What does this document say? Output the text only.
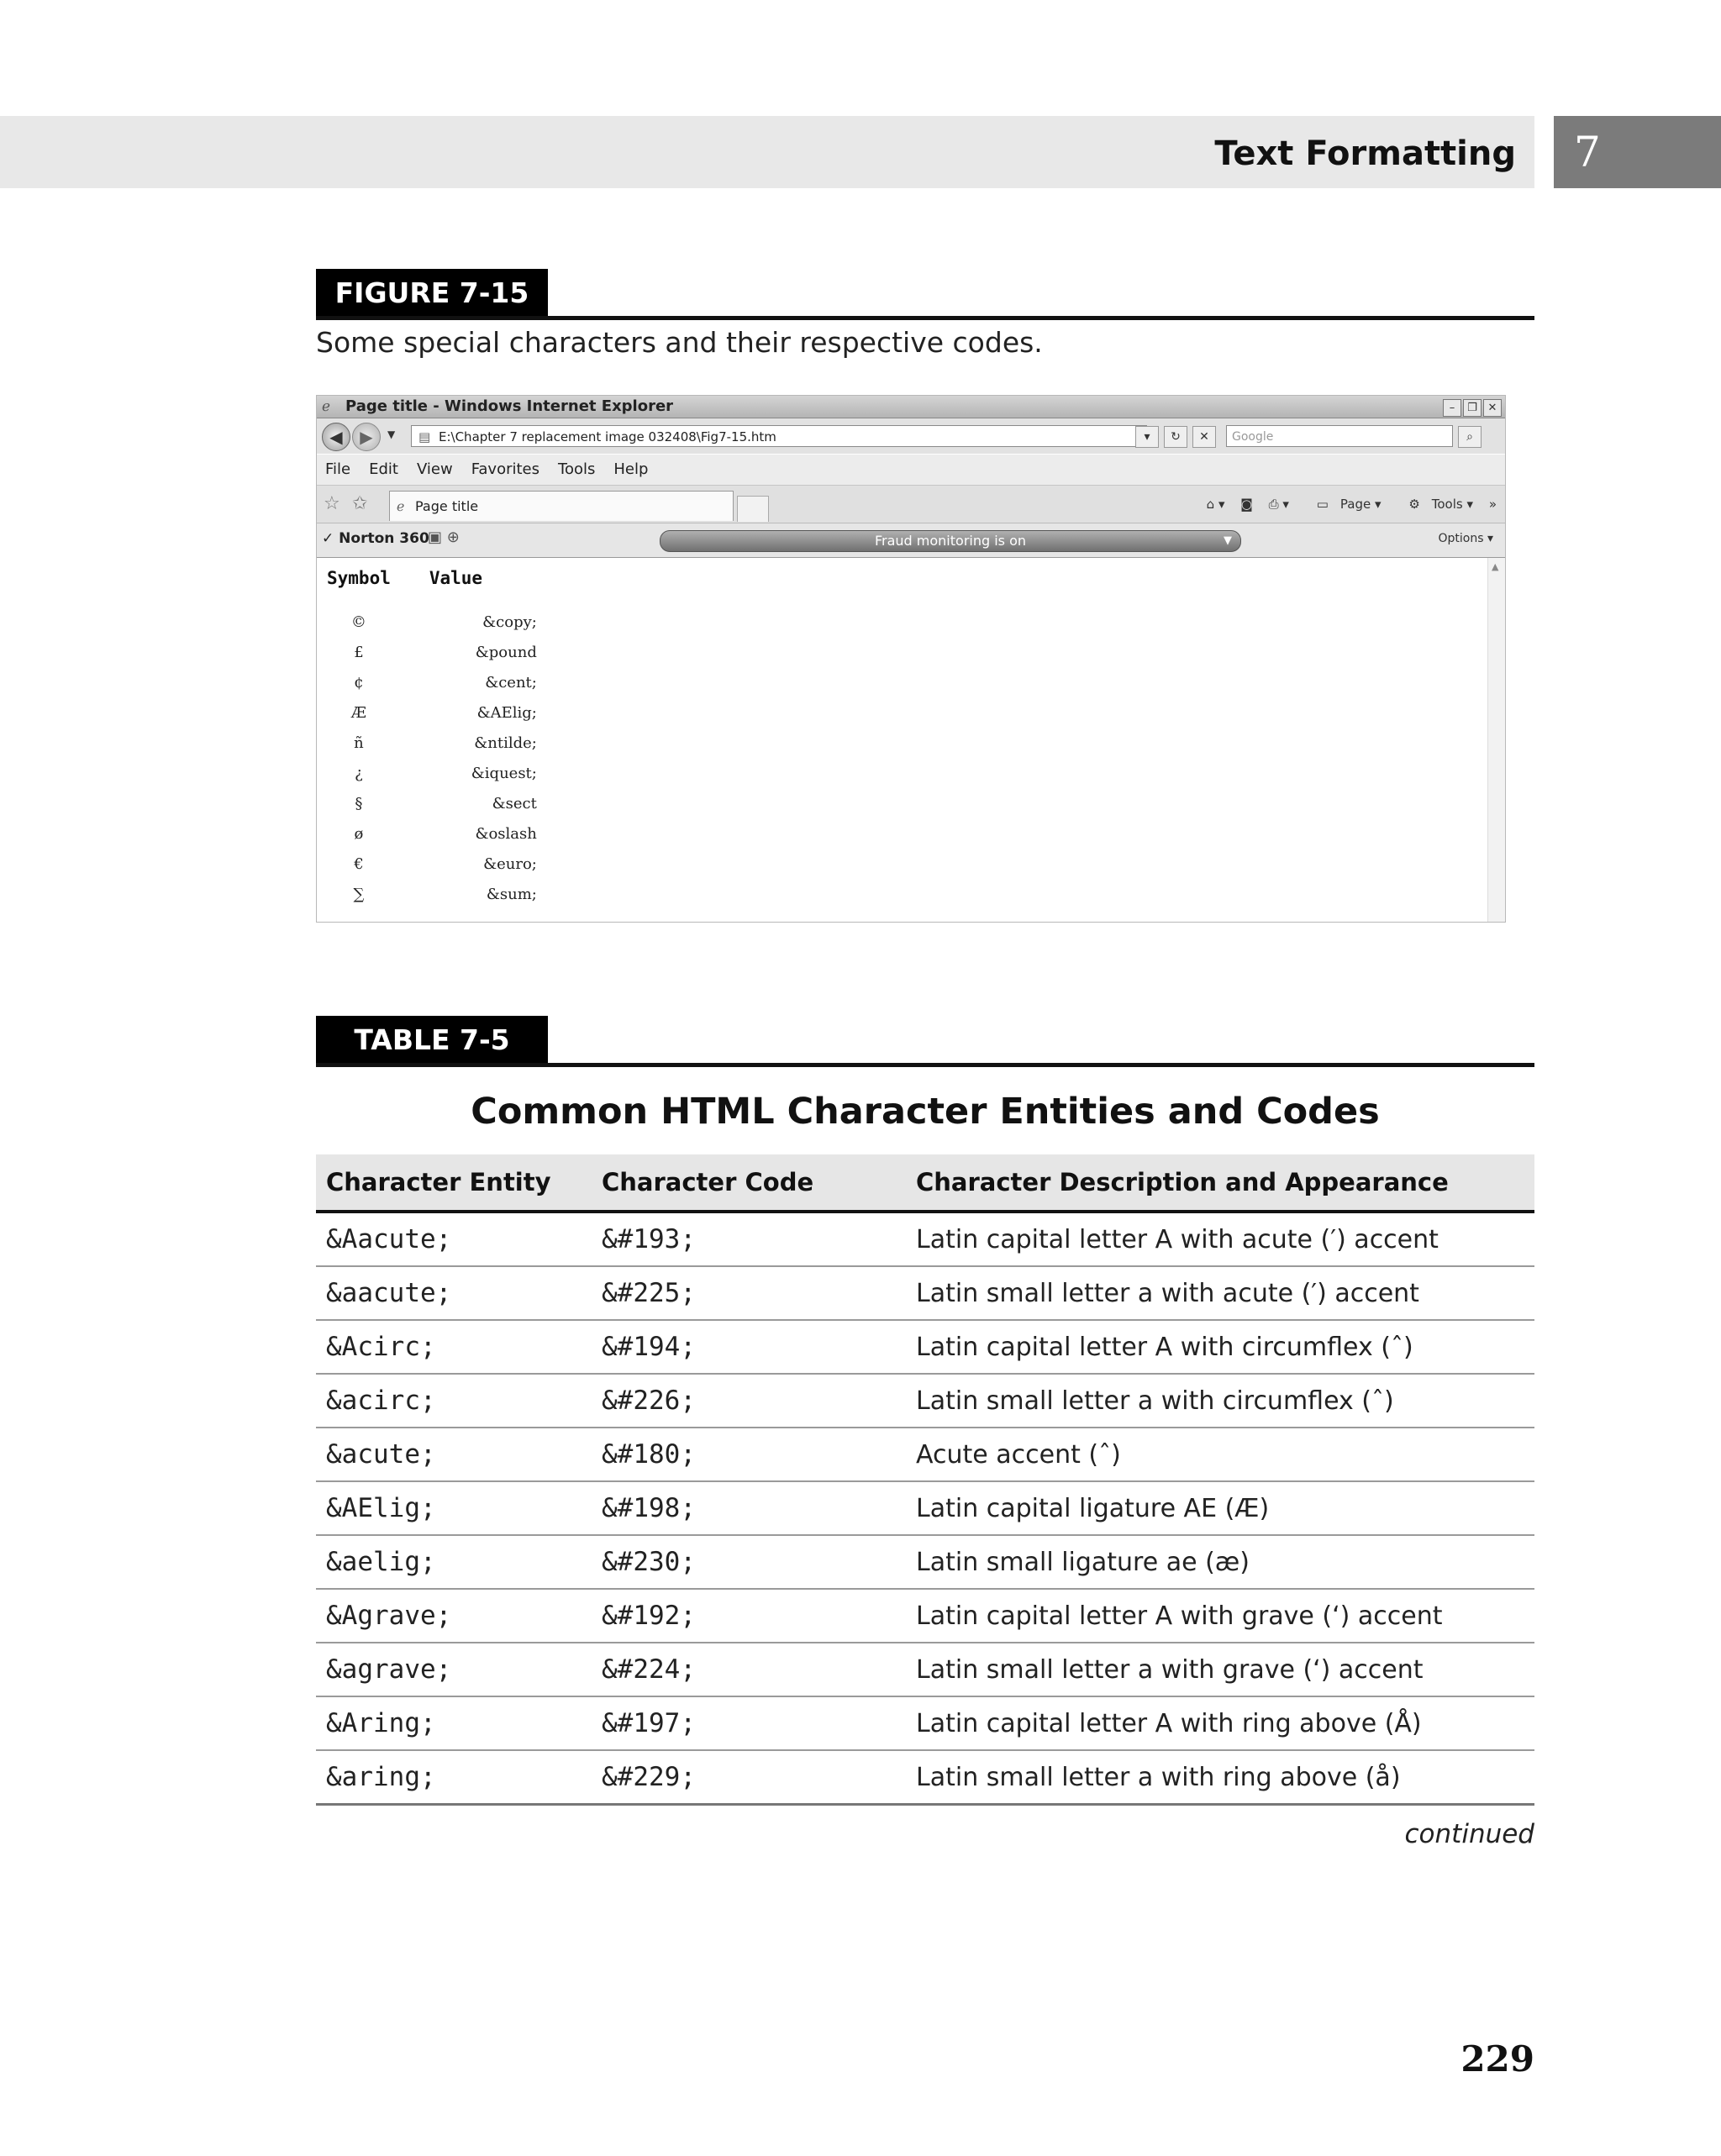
Text Formatting 7
FIGURE 7-15
Some special characters and their respective codes.
ℯ Page title - Windows Internet Explorer	– ❐ ✕
◀	▶	▼ ▤ E:\Chapter 7 replacement image 032408\Fig7-15.htm	▾	↻	✕	Google	⌕
File Edit View Favorites Tools Help
☆ ✩ ℯ Page title	⌂ ▾ ◙ ⎙ ▾ ▭ Page ▾ ⚙ Tools ▾ »
✓ Norton 360
▣ ⊕	Fraud monitoring is on	▼	Options ▾
Symbol	Value
©	&copy;
£	&pound
¢	&cent;
Æ	&AElig;
ñ	&ntilde;
¿	&iquest;
§	&sect
ø	&oslash
€	&euro;
∑	&sum;
▲
TABLE 7-5
Common HTML Character Entities and Codes
Character Entity	Character Code	Character Description and Appearance
&Aacute;	&#193;	Latin capital letter A with acute (′) accent
&aacute;	&#225;	Latin small letter a with acute (′) accent
&Acirc;	&#194;	Latin capital letter A with circumflex (ˆ)
&acirc;	&#226;	Latin small letter a with circumflex (ˆ)
&acute;	&#180;	Acute accent (ˆ)
&AElig;	&#198;	Latin capital ligature AE (Æ)
&aelig;	&#230;	Latin small ligature ae (æ)
&Agrave;	&#192;	Latin capital letter A with grave (‘) accent
&agrave;	&#224;	Latin small letter a with grave (‘) accent
&Aring;	&#197;	Latin capital letter A with ring above (Å)
&aring;	&#229;	Latin small letter a with ring above (å)
continued
229
